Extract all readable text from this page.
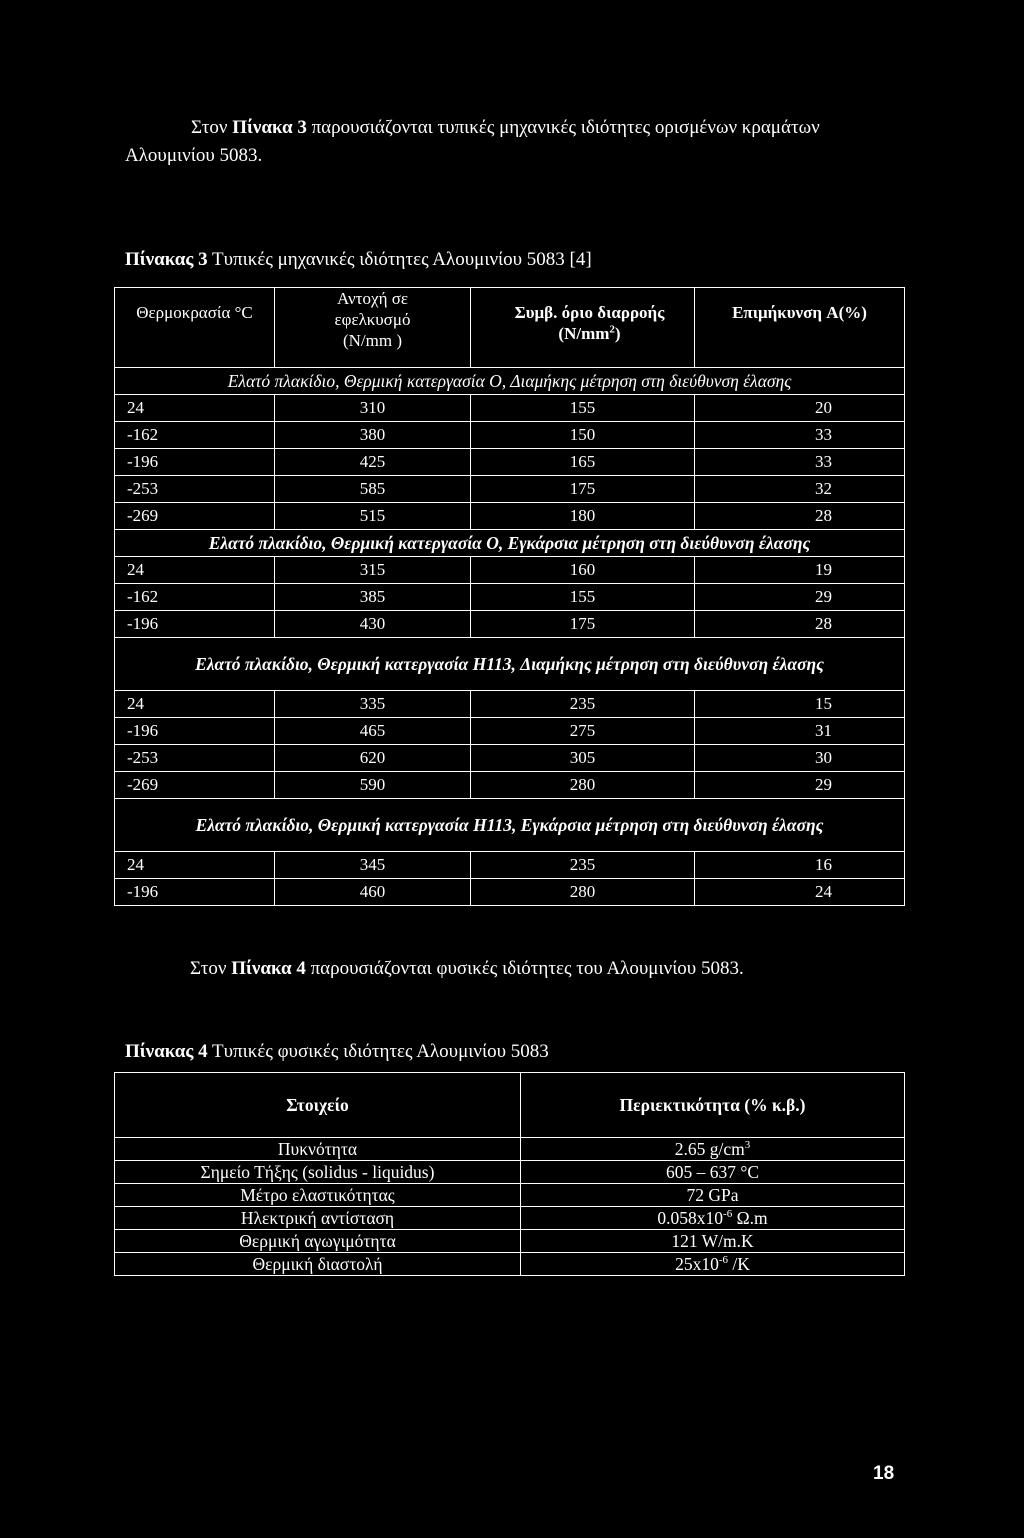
Στον Πίνακα 3 παρουσιάζονται τυπικές μηχανικές ιδιότητες ορισμένων κραμάτων Αλουμινίου 5083.

Πίνακας 3 Τυπικές μηχανικές ιδιότητες Αλουμινίου 5083 [4]
Θερμοκρασία °C	Αντοχή σε εφελκυσμό (N/mm )	Συμβ. όριο διαρροής $(N/mm^2)$	Επιμήκυνση A(%)
Ελατό πλακίδιο, Θερμική κατεργασία Ο, Διαμήκης μέτρηση στη διεύθυνση έλασης			
24	310	155	20
-162	380	150	33
-196	425	165	33
-253	585	175	32
-269	515	180	28
Ελατό πλακίδιο, Θερμική κατεργασία Ο, Εγκάρσια μέτρηση στη διεύθυνση έλασης			
24	315	160	19
-162	385	155	29
-196	430	175	28
Ελατό πλακίδιο, Θερμική κατεργασία H113, Διαμήκης μέτρηση στη διεύθυνση έλασης			
24	335	235	15
-196	465	275	31
-253	620	305	30
-269	590	280	29
Ελατό πλακίδιο, Θερμική κατεργασία H113, Εγκάρσια μέτρηση στη διεύθυνση έλασης			
24	345	235	16
-196	460	280	24
Στον Πίνακα 4 παρουσιάζονται φυσικές ιδιότητες του Αλουμινίου 5083.
Πίνακας 4 Τυπικές φυσικές ιδιότητες Αλουμινίου 5083
Στοιχείο	Περιεκτικότητα (% κ.β.)
Πυκνότητα	2.65 $g/cm^3$
Σημείο Τήξης (solidus - liquidus)	605 – 637 °C
Μέτρο ελαστικότητας	72 GPa
Ηλεκτρική αντίσταση	$0.058x10^{-6}$ Ω.m
Θερμική αγωγιμότητα	121 W/m.K
Θερμική διαστολή	$25x10^{-6}$ /K
18
